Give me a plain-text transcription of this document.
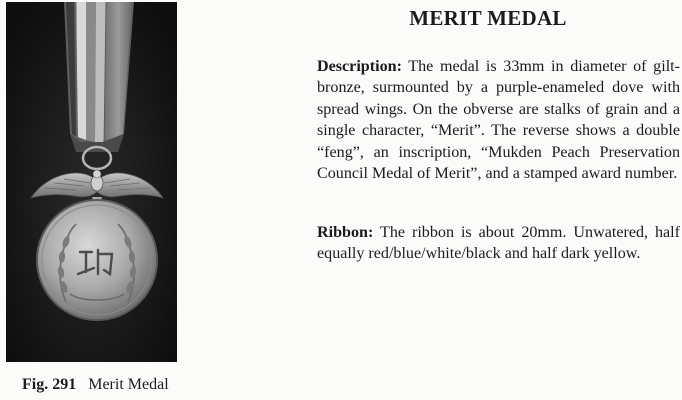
Fig. 291 Merit Medal
MERIT MEDAL
Description: The medal is 33mm in diameter of gilt-bronze, surmounted by a purple-enameled dove with spread wings. On the obverse are stalks of grain and a single character, “Merit”. The reverse shows a double “feng”, an inscription, “Mukden Peach Preservation Council Medal of Merit”, and a stamped award number.
Ribbon: The ribbon is about 20mm. Unwatered, half equally red/blue/white/black and half dark yellow.
